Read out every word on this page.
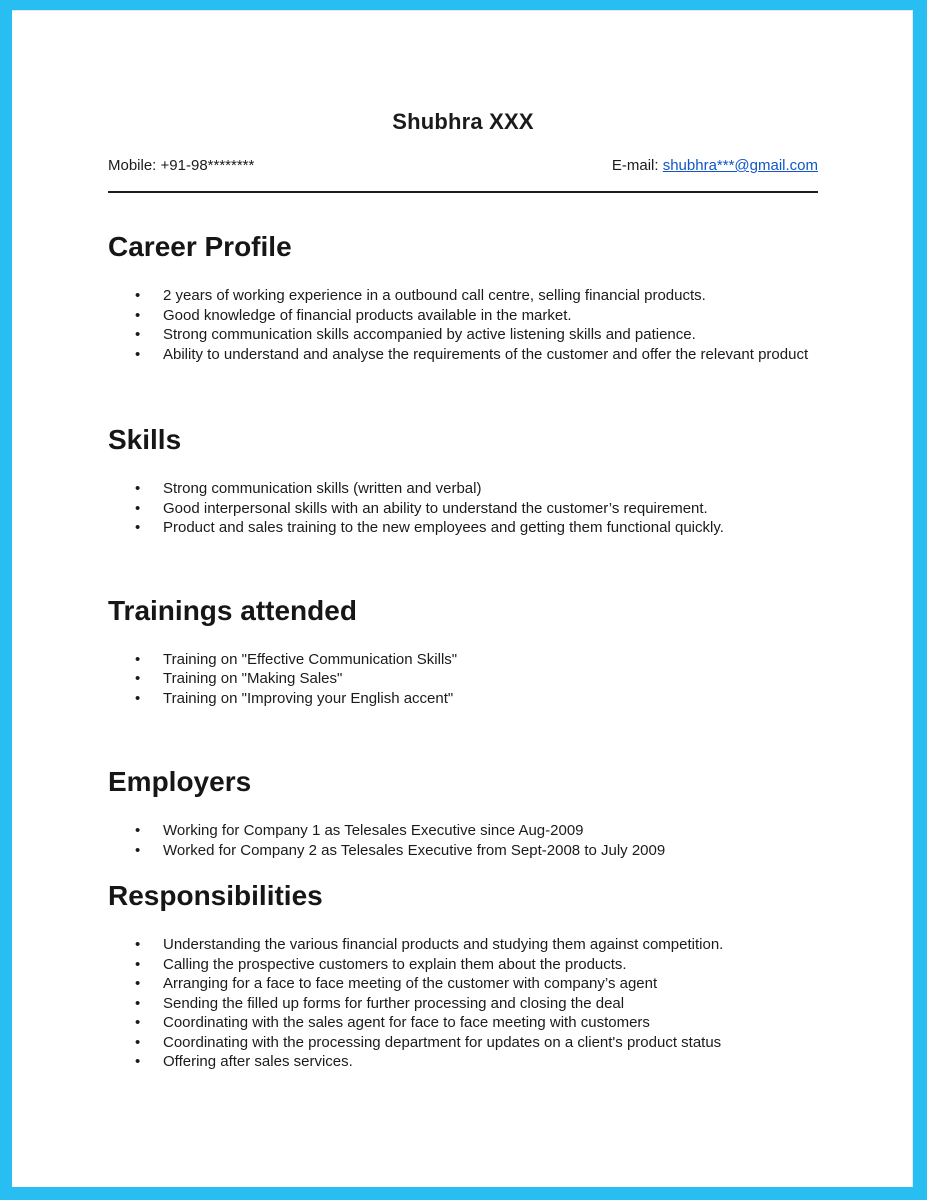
Shubhra XXX
Mobile: +91-98********	E-mail: shubhra***@gmail.com
Career Profile
• 2 years of working experience in a outbound call centre, selling financial products.
• Good knowledge of financial products available in the market.
• Strong communication skills accompanied by active listening skills and patience.
• Ability to understand and analyse the requirements of the customer and offer the relevant product
Skills
• Strong communication skills (written and verbal)
• Good interpersonal skills with an ability to understand the customer’s requirement.
• Product and sales training to the new employees and getting them functional quickly.
Trainings attended
• Training on "Effective Communication Skills"
• Training on "Making Sales"
• Training on "Improving your English accent"
Employers
• Working for Company 1 as Telesales Executive since Aug-2009
• Worked for Company 2 as Telesales Executive from Sept-2008 to July 2009
Responsibilities
• Understanding the various financial products and studying them against competition.
• Calling the prospective customers to explain them about the products.
• Arranging for a face to face meeting of the customer with company’s agent
• Sending the filled up forms for further processing and closing the deal
• Coordinating with the sales agent for face to face meeting with customers
• Coordinating with the processing department for updates on a client's product status
• Offering after sales services.
